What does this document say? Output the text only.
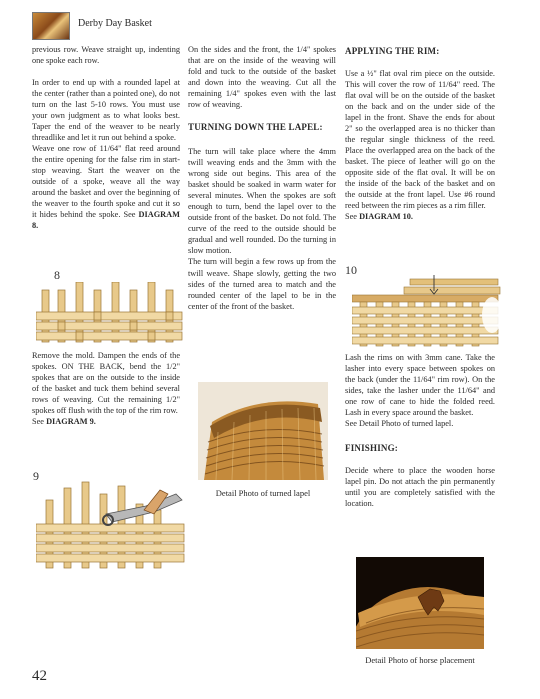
Derby Day Basket

previous row. Weave straight up, indenting one spoke each row.

In order to end up with a rounded lapel at the center (rather than a pointed one), do not turn on the last 5-10 rows. You must use your own judgment as to what looks best. Taper the end of the weaver to be nearly threadlike and let it run out behind a spoke.

Weave one row of 11/64" flat reed around the entire opening for the false rim in start-stop weaving. Start the weaver on the outside of a spoke, weave all the way around the basket and over the beginning of the weaver to the fourth spoke and cut it so it hides behind the spoke. See DIAGRAM 8.

8

Remove the mold. Dampen the ends of the spokes. ON THE BACK, bend the 1/2" spokes that are on the outside to the inside of the basket and tuck them behind several rows of weaving. Cut the remaining 1/2" spokes off flush with the top of the rim row.
See DIAGRAM 9.

9

On the sides and the front, the 1/4" spokes that are on the inside of the weaving will fold and tuck to the outside of the basket and down into the weaving. Cut all the remaining 1/4" spokes even with the last row of weaving.

TURNING DOWN THE LAPEL:

The turn will take place where the 4mm twill weaving ends and the 3mm with the wrong side out begins. This area of the basket should be soaked in warm water for several minutes. When the spokes are soft enough to turn, bend the lapel over to the outside front of the basket. Do not fold. The curve of the reed to the outside should be gradual and well rounded. Do the turning in slow motion.

The turn will begin a few rows up from the twill weave. Shape slowly, getting the two sides of the turned area to match and the rounded center of the lapel to be in the center of the front of the basket.

Detail Photo of turned lapel
APPLYING THE RIM:

Use a ½" flat oval rim piece on the outside. This will cover the row of 11/64" reed. The flat oval will be on the outside of the basket on the back and on the under side of the lapel in the front. Shave the ends for about 2" so the overlapped area is no thicker than the regular single thickness of the reed. Place the overlapped area on the back of the basket. The piece of leather will go on the opposite side of the flat oval. It will be on the inside of the back of the basket and on the outside at the front lapel. Use #6 round reed between the rim pieces as a rim filler.
See DIAGRAM 10.

10

Lash the rims on with 3mm cane. Take the lasher into every space between spokes on the back (under the 11/64" rim row). On the sides, take the lasher under the 11/64" and one row of cane to hide the folded reed. Lash in every space around the basket.

See Detail Photo of turned lapel.

FINISHING:

Decide where to place the wooden horse lapel pin. Do not attach the pin permanently until you are completely satisfied with the location.

Detail Photo of horse placement
42
